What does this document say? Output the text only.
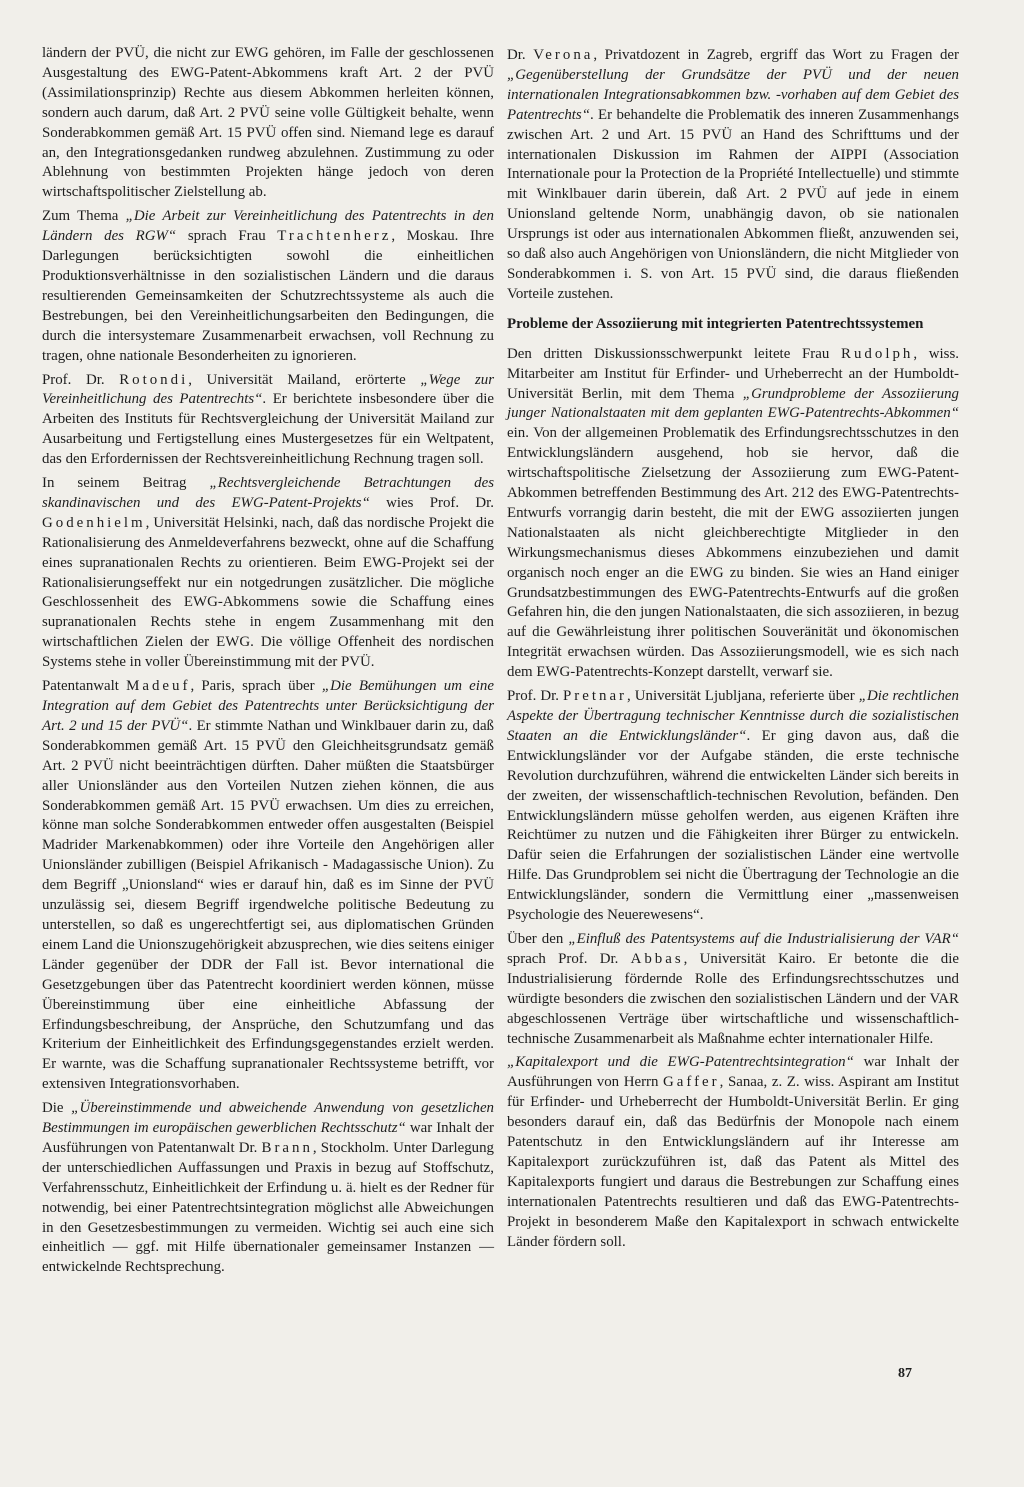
ländern der PVÜ, die nicht zur EWG gehören, im Falle der geschlossenen Ausgestaltung des EWG-Patent-Abkommens kraft Art. 2 der PVÜ (Assimilationsprinzip) Rechte aus diesem Abkommen herleiten können, sondern auch darum, daß Art. 2 PVÜ seine volle Gültigkeit behalte, wenn Sonderabkommen gemäß Art. 15 PVÜ offen sind. Niemand lege es darauf an, den Integrationsgedanken rundweg abzulehnen. Zustimmung zu oder Ablehnung von bestimmten Projekten hänge jedoch von deren wirtschaftspolitischer Zielstellung ab.

Zum Thema „Die Arbeit zur Vereinheitlichung des Patentrechts in den Ländern des RGW“ sprach Frau Trachtenherz, Moskau. Ihre Darlegungen berücksichtigten sowohl die einheitlichen Produktionsverhältnisse in den sozialistischen Ländern und die daraus resultierenden Gemeinsamkeiten der Schutzrechtssysteme als auch die Bestrebungen, bei den Vereinheitlichungsarbeiten den Bedingungen, die durch die intersystemare Zusammenarbeit erwachsen, voll Rechnung zu tragen, ohne nationale Besonderheiten zu ignorieren.

Prof. Dr. Rotondi, Universität Mailand, erörterte „Wege zur Vereinheitlichung des Patentrechts“. Er berichtete insbesondere über die Arbeiten des Instituts für Rechtsvergleichung der Universität Mailand zur Ausarbeitung und Fertigstellung eines Mustergesetzes für ein Weltpatent, das den Erfordernissen der Rechtsvereinheitlichung Rechnung tragen soll.

In seinem Beitrag „Rechtsvergleichende Betrachtungen des skandinavischen und des EWG-Patent-Projekts“ wies Prof. Dr. Godenhielm, Universität Helsinki, nach, daß das nordische Projekt die Rationalisierung des Anmeldeverfahrens bezweckt, ohne auf die Schaffung eines supranationalen Rechts zu orientieren. Beim EWG-Projekt sei der Rationalisierungseffekt nur ein notgedrungen zusätzlicher. Die mögliche Geschlossenheit des EWG-Abkommens sowie die Schaffung eines supranationalen Rechts stehe in engem Zusammenhang mit den wirtschaftlichen Zielen der EWG. Die völlige Offenheit des nordischen Systems stehe in voller Übereinstimmung mit der PVÜ.

Patentanwalt Madeuf, Paris, sprach über „Die Bemühungen um eine Integration auf dem Gebiet des Patentrechts unter Berücksichtigung der Art. 2 und 15 der PVÜ“. Er stimmte Nathan und Winklbauer darin zu, daß Sonderabkommen gemäß Art. 15 PVÜ den Gleichheitsgrundsatz gemäß Art. 2 PVÜ nicht beeinträchtigen dürften. Daher müßten die Staatsbürger aller Unionsländer aus den Vorteilen Nutzen ziehen können, die aus Sonderabkommen gemäß Art. 15 PVÜ erwachsen. Um dies zu erreichen, könne man solche Sonderabkommen entweder offen ausgestalten (Beispiel Madrider Markenabkommen) oder ihre Vorteile den Angehörigen aller Unionsländer zubilligen (Beispiel Afrikanisch - Madagassische Union). Zu dem Begriff „Unionsland“ wies er darauf hin, daß es im Sinne der PVÜ unzulässig sei, diesem Begriff irgendwelche politische Bedeutung zu unterstellen, so daß es ungerechtfertigt sei, aus diplomatischen Gründen einem Land die Unionszugehörigkeit abzusprechen, wie dies seitens einiger Länder gegenüber der DDR der Fall ist. Bevor international die Gesetzgebungen über das Patentrecht koordiniert werden können, müsse Übereinstimmung über eine einheitliche Abfassung der Erfindungsbeschreibung, der Ansprüche, den Schutzumfang und das Kriterium der Einheitlichkeit des Erfindungsgegenstandes erzielt werden. Er warnte, was die Schaffung supranationaler Rechtssysteme betrifft, vor extensiven Integrationsvorhaben.

Die „Übereinstimmende und abweichende Anwendung von gesetzlichen Bestimmungen im europäischen gewerblichen Rechtsschutz“ war Inhalt der Ausführungen von Patentanwalt Dr. Brann, Stockholm. Unter Darlegung der unterschiedlichen Auffassungen und Praxis in bezug auf Stoffschutz, Verfahrensschutz, Einheitlichkeit der Erfindung u. ä. hielt es der Redner für notwendig, bei einer Patentrechtsintegration möglichst alle Abweichungen in den Gesetzesbestimmungen zu vermeiden. Wichtig sei auch eine sich einheitlich — ggf. mit Hilfe übernationaler gemeinsamer Instanzen — entwickelnde Rechtsprechung.

Dr. Verona, Privatdozent in Zagreb, ergriff das Wort zu Fragen der „Gegenüberstellung der Grundsätze der PVÜ und der neuen internationalen Integrationsabkommen bzw. -vorhaben auf dem Gebiet des Patentrechts“. Er behandelte die Problematik des inneren Zusammenhangs zwischen Art. 2 und Art. 15 PVÜ an Hand des Schrifttums und der internationalen Diskussion im Rahmen der AIPPI (Association Internationale pour la Protection de la Propriété Intellectuelle) und stimmte mit Winklbauer darin überein, daß Art. 2 PVÜ auf jede in einem Unionsland geltende Norm, unabhängig davon, ob sie nationalen Ursprungs ist oder aus internationalen Abkommen fließt, anzuwenden sei, so daß also auch Angehörigen von Unionsländern, die nicht Mitglieder von Sonderabkommen i. S. von Art. 15 PVÜ sind, die daraus fließenden Vorteile zustehen.

Probleme der Assoziierung mit integrierten Patentrechtssystemen

Den dritten Diskussionsschwerpunkt leitete Frau Rudolph, wiss. Mitarbeiter am Institut für Erfinder- und Urheberrecht an der Humboldt-Universität Berlin, mit dem Thema „Grundprobleme der Assoziierung junger Nationalstaaten mit dem geplanten EWG-Patentrechts-Abkommen“ ein. Von der allgemeinen Problematik des Erfindungsrechtsschutzes in den Entwicklungsländern ausgehend, hob sie hervor, daß die wirtschaftspolitische Zielsetzung der Assoziierung zum EWG-Patent-Abkommen betreffenden Bestimmung des Art. 212 des EWG-Patentrechts-Entwurfs vorrangig darin besteht, die mit der EWG assoziierten jungen Nationalstaaten als nicht gleichberechtigte Mitglieder in den Wirkungsmechanismus dieses Abkommens einzubeziehen und damit organisch noch enger an die EWG zu binden. Sie wies an Hand einiger Grundsatzbestimmungen des EWG-Patentrechts-Entwurfs auf die großen Gefahren hin, die den jungen Nationalstaaten, die sich assoziieren, in bezug auf die Gewährleistung ihrer politischen Souveränität und ökonomischen Integrität erwachsen würden. Das Assoziierungsmodell, wie es sich nach dem EWG-Patentrechts-Konzept darstellt, verwarf sie.

Prof. Dr. Pretnar, Universität Ljubljana, referierte über „Die rechtlichen Aspekte der Übertragung technischer Kenntnisse durch die sozialistischen Staaten an die Entwicklungsländer“. Er ging davon aus, daß die Entwicklungsländer vor der Aufgabe ständen, die erste technische Revolution durchzuführen, während die entwickelten Länder sich bereits in der zweiten, der wissenschaftlich-technischen Revolution, befänden. Den Entwicklungsländern müsse geholfen werden, aus eigenen Kräften ihre Reichtümer zu nutzen und die Fähigkeiten ihrer Bürger zu entwickeln. Dafür seien die Erfahrungen der sozialistischen Länder eine wertvolle Hilfe. Das Grundproblem sei nicht die Übertragung der Technologie an die Entwicklungsländer, sondern die Vermittlung einer „massenweisen Psychologie des Neuerewesens“.

Über den „Einfluß des Patentsystems auf die Industrialisierung der VAR“ sprach Prof. Dr. Abbas, Universität Kairo. Er betonte die die Industrialisierung fördernde Rolle des Erfindungsrechtsschutzes und würdigte besonders die zwischen den sozialistischen Ländern und der VAR abgeschlossenen Verträge über wirtschaftliche und wissenschaftlich-technische Zusammenarbeit als Maßnahme echter internationaler Hilfe.

„Kapitalexport und die EWG-Patentrechtsintegration“ war Inhalt der Ausführungen von Herrn Gaffer, Sanaa, z. Z. wiss. Aspirant am Institut für Erfinder- und Urheberrecht der Humboldt-Universität Berlin. Er ging besonders darauf ein, daß das Bedürfnis der Monopole nach einem Patentschutz in den Entwicklungsländern auf ihr Interesse am Kapitalexport zurückzuführen ist, daß das Patent als Mittel des Kapitalexports fungiert und daraus die Bestrebungen zur Schaffung eines internationalen Patentrechts resultieren und daß das EWG-Patentrechts-Projekt in besonderem Maße den Kapitalexport in schwach entwickelte Länder fördern soll.

87
